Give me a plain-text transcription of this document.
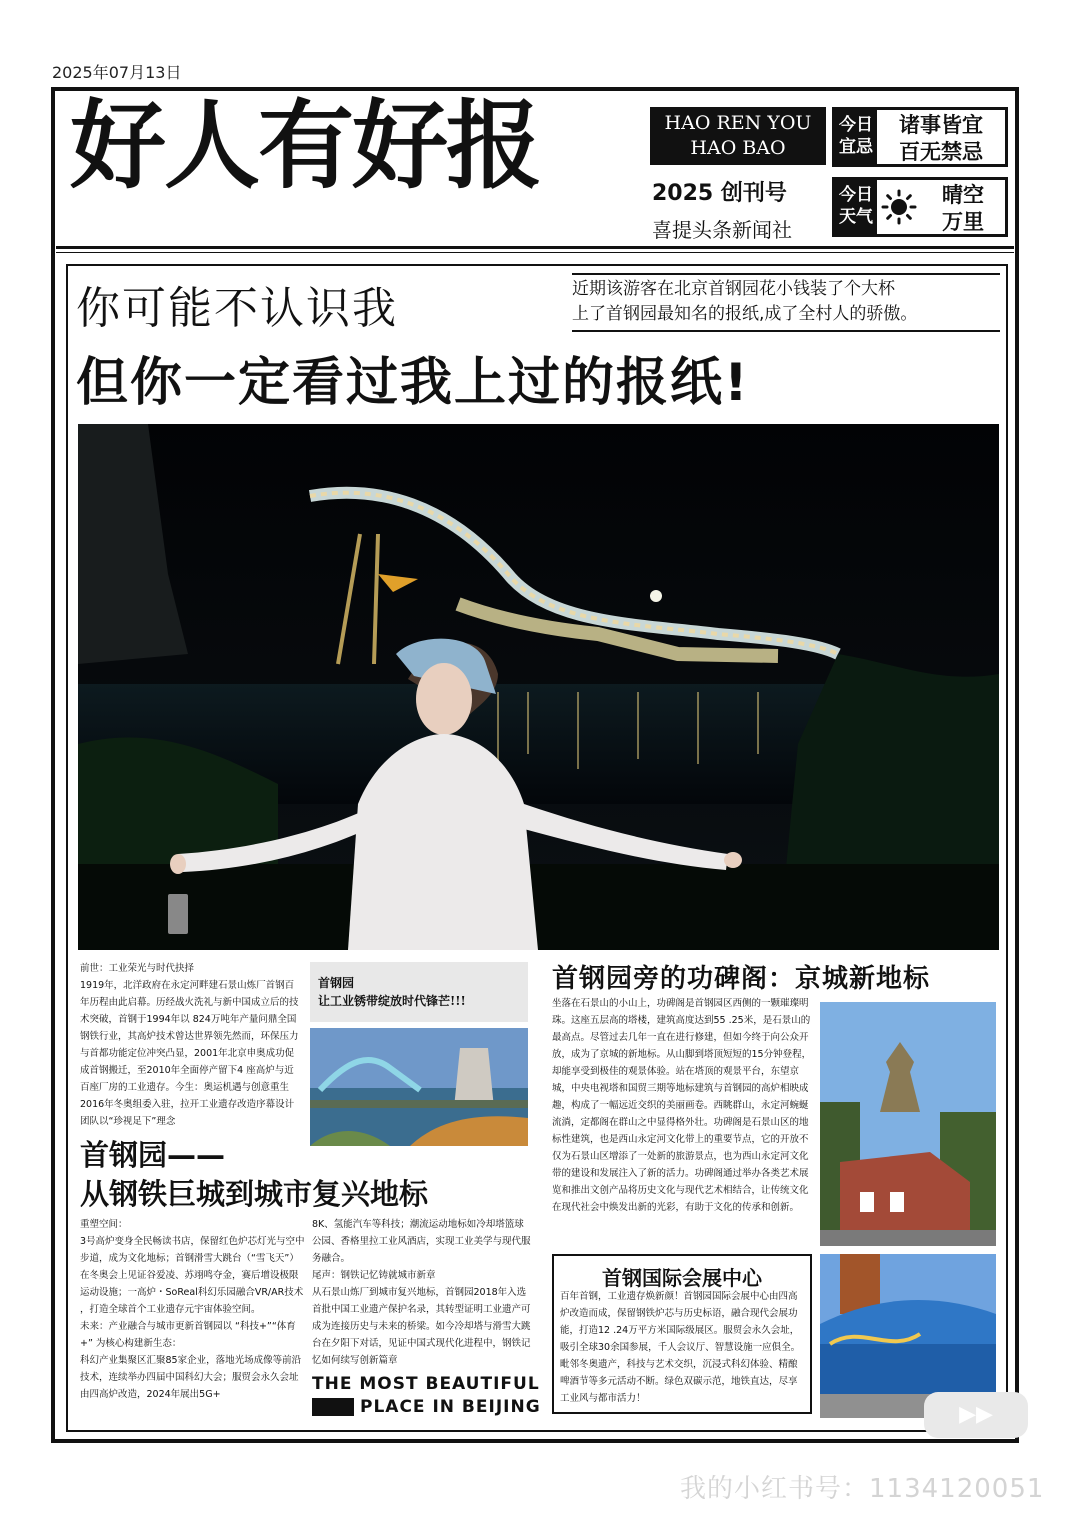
2025年07月13日
好人有好报	HAO REN YOU
HAO BAO
2025 创刊号
喜提头条新闻社
今日
宜忌
诸事皆宜
百无禁忌
今日
天气
晴空
万里
你可能不认识我
但你一定看过我上过的报纸!
近期该游客在北京首钢园花小钱装了个大杯
上了首钢园最知名的报纸,成了全村人的骄傲。
前世：工业荣光与时代抉择
1919年，北洋政府在永定河畔建石景山炼厂首钢百年历程由此启幕。历经战火洗礼与新中国成立后的技术突破，首钢于1994年以 824万吨年产量问鼎全国钢铁行业，其高炉技术曾达世界领先然而，环保压力与首都功能定位冲突凸显，2001年北京申奥成功促成首钢搬迁，至2010年全面停产留下4 座高炉与近百座厂房的工业遗存。今生：奥运机遇与创意重生2016年冬奥组委入驻，拉开工业遗存改造序幕设计团队以“珍视足下”理念
首钢园
让工业锈带绽放时代锋芒!!!
首钢园——
从钢铁巨城到城市复兴地标
重塑空间：
3号高炉变身全民畅读书店，保留红色炉芯灯光与空中步道，成为文化地标；首钢滑雪大跳台（“雪飞天”）在冬奥会上见证谷爱凌、苏翊鸣夺金，赛后增设极限运动设施；一高炉・SoReal科幻乐园融合VR/AR技术 ，打造全球首个工业遗存元宇宙体验空间。
未来：产业融合与城市更新首钢园以 “科技+”“体育+” 为核心构建新生态：
科幻产业集聚区汇聚85家企业，落地光场成像等前沿技术，连续举办四届中国科幻大会；服贸会永久会址由四高炉改造，2024年展出5G+
8K、氢能汽车等科技；潮流运动地标如冷却塔篮球公园、香格里拉工业风酒店，实现工业美学与现代服务融合。
尾声：钢铁记忆铸就城市新章
从石景山炼厂到城市复兴地标，首钢园2018年入选首批中国工业遗产保护名录，其转型证明工业遗产可成为连接历史与未来的桥梁。如今冷却塔与滑雪大跳台在夕阳下对话，见证中国式现代化进程中，钢铁记忆如何续写创新篇章
THE MOST BEAUTIFUL
PLACE IN BEIJING
首钢园旁的功碑阁：京城新地标
坐落在石景山的小山上，功碑阁是首钢园区西侧的一颗璀璨明珠。这座五层高的塔楼，建筑高度达到55 .25米，是石景山的最高点。尽管过去几年一直在进行修建，但如今终于向公众开放，成为了京城的新地标。从山脚到塔顶短短的15分钟登程，却能享受到极佳的观景体验。站在塔顶的观景平台，东望京城，中央电视塔和国贸三期等地标建筑与首钢园的高炉相映成趣，构成了一幅远近交织的美丽画卷。西眺群山，永定河蜿蜒流淌，定都阁在群山之中显得格外壮。功碑阁是石景山区的地标性建筑，也是西山永定河文化带上的重要节点，它的开放不仅为石景山区增添了一处新的旅游景点，也为西山永定河文化带的建设和发展注入了新的活力。功碑阁通过举办各类艺术展览和推出文创产品将历史文化与现代艺术相结合，让传统文化在现代社会中焕发出新的光彩，有助于文化的传承和创新。
首钢国际会展中心
百年首钢，工业遗存焕新颜！首钢园国际会展中心由四高炉改造而成，保留钢铁炉芯与历史标语，融合现代会展功能，打造12 .24万平方米国际级展区。服贸会永久会址，吸引全球30余国参展，千人会议厅、智慧设施一应俱全。毗邻冬奥遗产，科技与艺术交织，沉浸式科幻体验、精酿啤酒节等多元活动不断。绿色双碳示范，地铁直达，尽享工业风与都市活力！
▶▶
我的小红书号：1134120051
